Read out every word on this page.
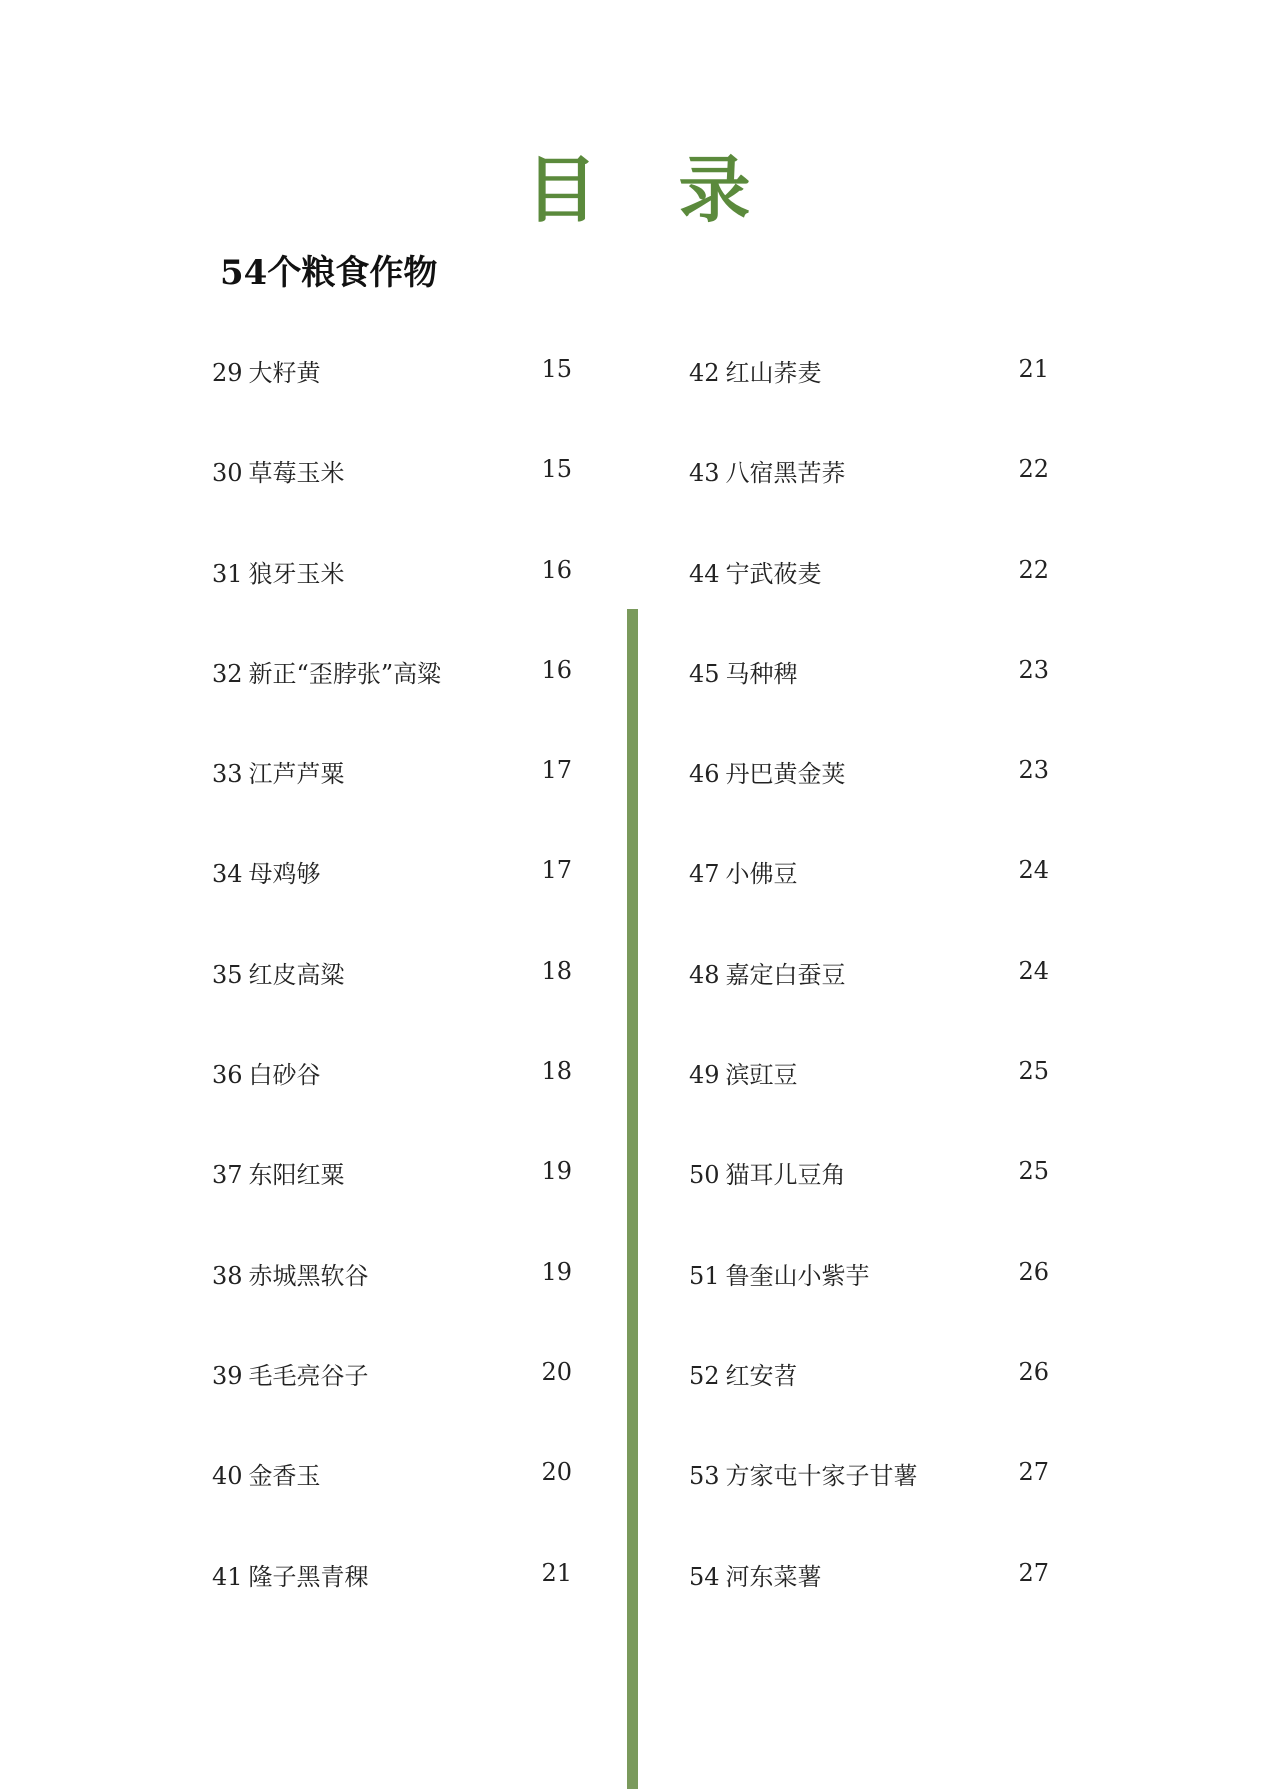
目 录
54个粮食作物
29 大籽黄	15
30 草莓玉米	15
31 狼牙玉米	16
32 新正“歪脖张”高粱	16
33 江芦芦粟	17
34 母鸡够	17
35 红皮高粱	18
36 白砂谷	18
37 东阳红粟	19
38 赤城黑软谷	19
39 毛毛亮谷子	20
40 金香玉	20
41 隆子黑青稞	21
42 红山荞麦	21
43 八宿黑苦荞	22
44 宁武莜麦	22
45 马种稗	23
46 丹巴黄金荚	23
47 小佛豆	24
48 嘉定白蚕豆	24
49 滨豇豆	25
50 猫耳儿豆角	25
51 鲁奎山小紫芋	26
52 红安苕	26
53 方家屯十家子甘薯	27
54 河东菜薯	27
